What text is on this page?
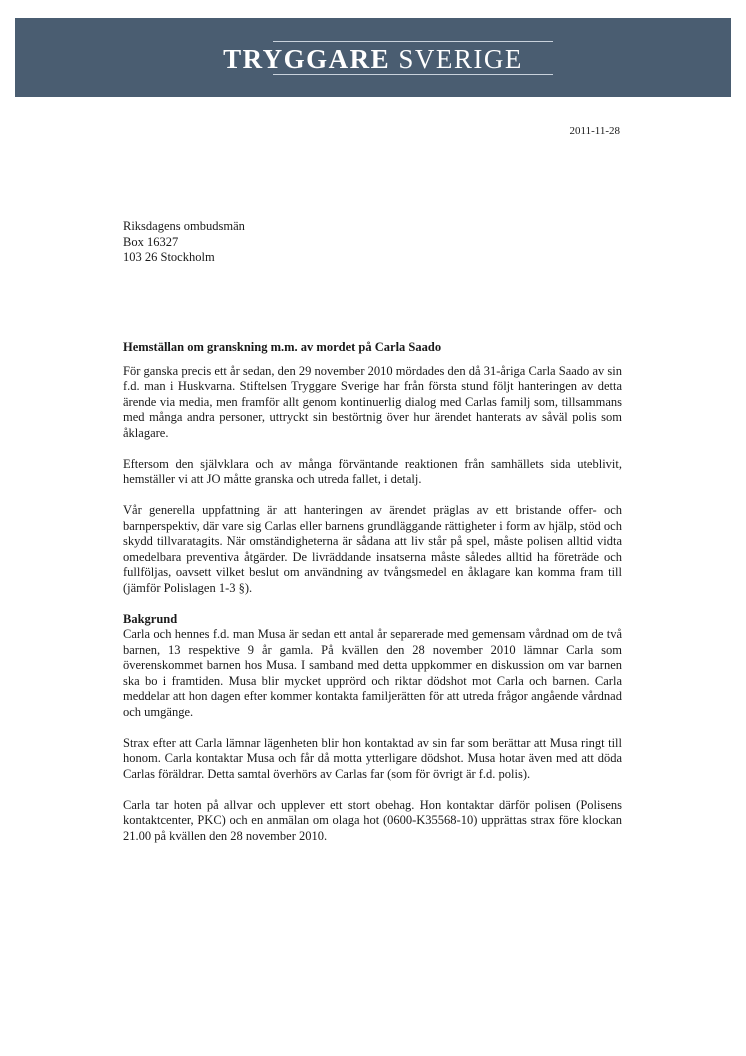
TRYGGARE SVERIGE
2011-11-28
Riksdagens ombudsmän
Box 16327
103 26 Stockholm
Hemställan om granskning m.m. av mordet på Carla Saado

För ganska precis ett år sedan, den 29 november 2010 mördades den då 31-åriga Carla Saado av sin f.d. man i Huskvarna. Stiftelsen Tryggare Sverige har från första stund följt hanteringen av detta ärende via media, men framför allt genom kontinuerlig dialog med Carlas familj som, tillsammans med många andra personer, uttryckt sin bestörtnig över hur ärendet hanterats av såväl polis som åklagare.

Eftersom den självklara och av många förväntande reaktionen från samhällets sida uteblivit, hemställer vi att JO måtte granska och utreda fallet, i detalj.

Vår generella uppfattning är att hanteringen av ärendet präglas av ett bristande offer- och barnperspektiv, där vare sig Carlas eller barnens grundläggande rättigheter i form av hjälp, stöd och skydd tillvaratagits. När omständigheterna är sådana att liv står på spel, måste polisen alltid vidta omedelbara preventiva åtgärder. De livräddande insatserna måste således alltid ha företräde och fullföljas, oavsett vilket beslut om användning av tvångsmedel en åklagare kan komma fram till (jämför Polislagen 1-3 §).

Bakgrund

Carla och hennes f.d. man Musa är sedan ett antal år separerade med gemensam vårdnad om de två barnen, 13 respektive 9 år gamla. På kvällen den 28 november 2010 lämnar Carla som överenskommet barnen hos Musa. I samband med detta uppkommer en diskussion om var barnen ska bo i framtiden. Musa blir mycket upprörd och riktar dödshot mot Carla och barnen. Carla meddelar att hon dagen efter kommer kontakta familjerätten för att utreda frågor angående vårdnad och umgänge.

Strax efter att Carla lämnar lägenheten blir hon kontaktad av sin far som berättar att Musa ringt till honom. Carla kontaktar Musa och får då motta ytterligare dödshot. Musa hotar även med att döda Carlas föräldrar. Detta samtal överhörs av Carlas far (som för övrigt är f.d. polis).

Carla tar hoten på allvar och upplever ett stort obehag. Hon kontaktar därför polisen (Polisens kontaktcenter, PKC) och en anmälan om olaga hot (0600-K35568-10) upprättas strax före klockan 21.00 på kvällen den 28 november 2010.
